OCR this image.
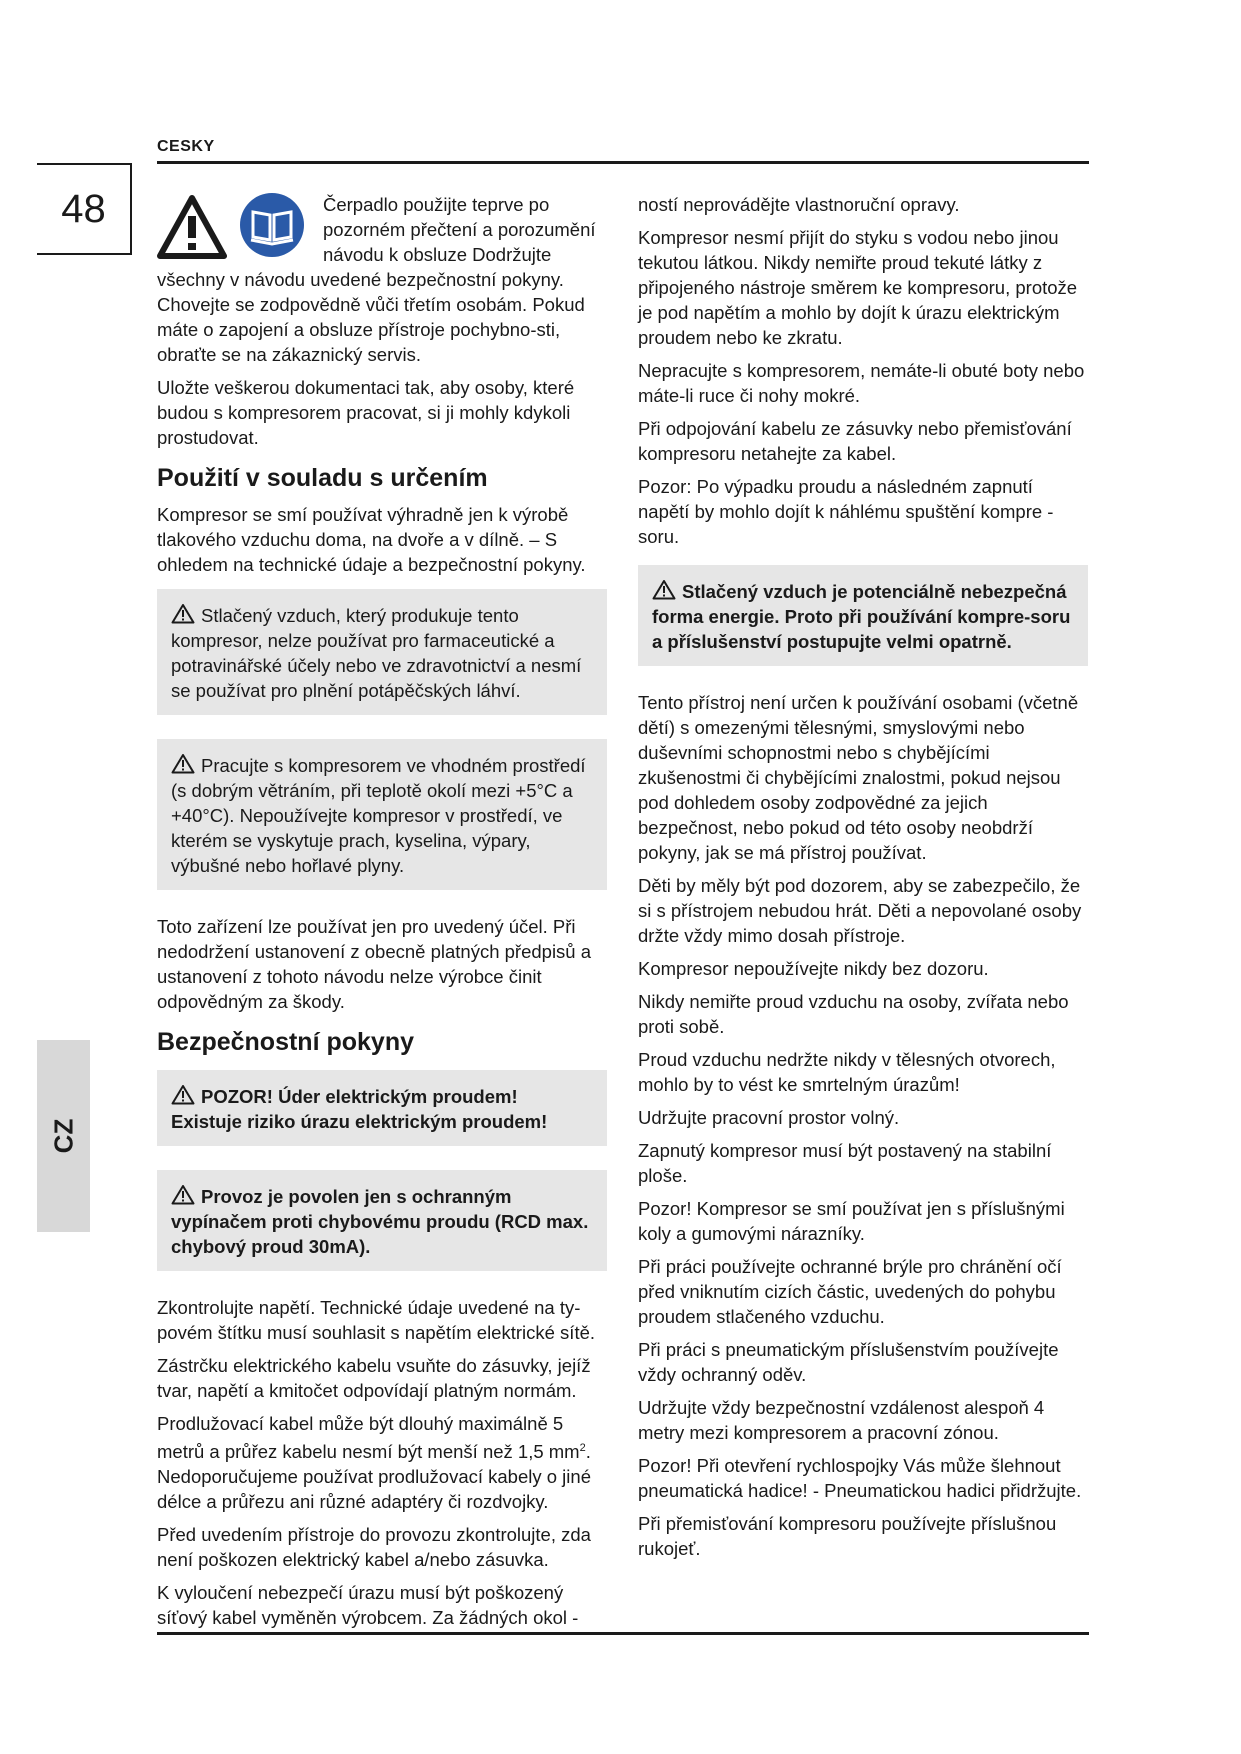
CESKY
48
CZ

Čerpadlo použijte teprve po pozorném přečtení a porozumění návodu k obsluze Dodržujte všechny v návodu uvedené bezpečnostní pokyny. Chovejte se zodpovědně vůči třetím osobám. Pokud máte o zapojení a obsluze přístroje pochybno-sti, obraťte se na zákaznický servis.

Uložte veškerou dokumentaci tak, aby osoby, které budou s kompresorem pracovat, si ji mohly kdykoli prostudovat.

Použití v souladu s určením

Kompresor se smí používat výhradně jen k výrobě tlakového vzduchu doma, na dvoře a v dílně. – S ohledem na technické údaje a bezpečnostní pokyny.

Stlačený vzduch, který produkuje tento kompresor, nelze používat pro farmaceutické a potravinářské účely nebo ve zdravotnictví a nesmí se používat pro plnění potápěčských láhví.

Pracujte s kompresorem ve vhodném prostředí (s dobrým větráním, při teplotě okolí mezi +5°C a +40°C). Nepoužívejte kompresor v prostředí, ve kterém se vyskytuje prach, kyselina, výpary, výbušné nebo hořlavé plyny.

Toto zařízení lze používat jen pro uvedený účel. Při nedodržení ustanovení z obecně platných předpisů a ustanovení z tohoto návodu nelze výrobce činit odpovědným za škody.

Bezpečnostní pokyny

POZOR! Úder elektrickým proudem! Existuje riziko úrazu elektrickým proudem!

Provoz je povolen jen s ochranným vypínačem proti chybovému proudu (RCD max. chybový proud 30mA).

Zkontrolujte napětí. Technické údaje uvedené na ty-povém štítku musí souhlasit s napětím elektrické sítě.

Zástrčku elektrického kabelu vsuňte do zásuvky, jejíž tvar, napětí a kmitočet odpovídají platným normám.

Prodlužovací kabel může být dlouhý maximálně 5 metrů a průřez kabelu nesmí být menší než 1,5 $mm^2$. Nedoporučujeme používat prodlužovací kabely o jiné délce a průřezu ani různé adaptéry či rozdvojky.

Před uvedením přístroje do provozu zkontrolujte, zda není poškozen elektrický kabel a/nebo zásuvka.

K vyloučení nebezpečí úrazu musí být poškozený síťový kabel vyměněn výrobcem. Za žádných okol -

ností neprovádějte vlastnoruční opravy.

Kompresor nesmí přijít do styku s vodou nebo jinou tekutou látkou. Nikdy nemiřte proud tekuté látky z připojeného nástroje směrem ke kompresoru, protože je pod napětím a mohlo by dojít k úrazu elektrickým proudem nebo ke zkratu.

Nepracujte s kompresorem, nemáte-li obuté boty nebo máte-li ruce či nohy mokré.

Při odpojování kabelu ze zásuvky nebo přemisťování kompresoru netahejte za kabel.

Pozor: Po výpadku proudu a následném zapnutí napětí by mohlo dojít k náhlému spuštění kompre - soru.

Stlačený vzduch je potenciálně nebezpečná forma energie. Proto při používání kompre-soru a příslušenství postupujte velmi opatrně.

Tento přístroj není určen k používání osobami (včetně dětí) s omezenými tělesnými, smyslovými nebo duševními schopnostmi nebo s chybějícími zkušenostmi či chybějícími znalostmi, pokud nejsou pod dohledem osoby zodpovědné za jejich bezpečnost, nebo pokud od této osoby neobdrží pokyny, jak se má přístroj používat.

Děti by měly být pod dozorem, aby se zabezpečilo, že si s přístrojem nebudou hrát. Děti a nepovolané osoby držte vždy mimo dosah přístroje.

Kompresor nepoužívejte nikdy bez dozoru.

Nikdy nemiřte proud vzduchu na osoby, zvířata nebo proti sobě.

Proud vzduchu nedržte nikdy v tělesných otvorech, mohlo by to vést ke smrtelným úrazům!

Udržujte pracovní prostor volný.

Zapnutý kompresor musí být postavený na stabilní ploše.

Pozor! Kompresor se smí používat jen s příslušnými koly a gumovými nárazníky.

Při práci používejte ochranné brýle pro chránění očí před vniknutím cizích částic, uvedených do pohybu proudem stlačeného vzduchu.

Při práci s pneumatickým příslušenstvím používejte vždy ochranný oděv.

Udržujte vždy bezpečnostní vzdálenost alespoň 4 metry mezi kompresorem a pracovní zónou.

Pozor! Při otevření rychlospojky Vás může šlehnout pneumatická hadice! - Pneumatickou hadici přidržujte.

Při přemisťování kompresoru používejte příslušnou rukojeť.
